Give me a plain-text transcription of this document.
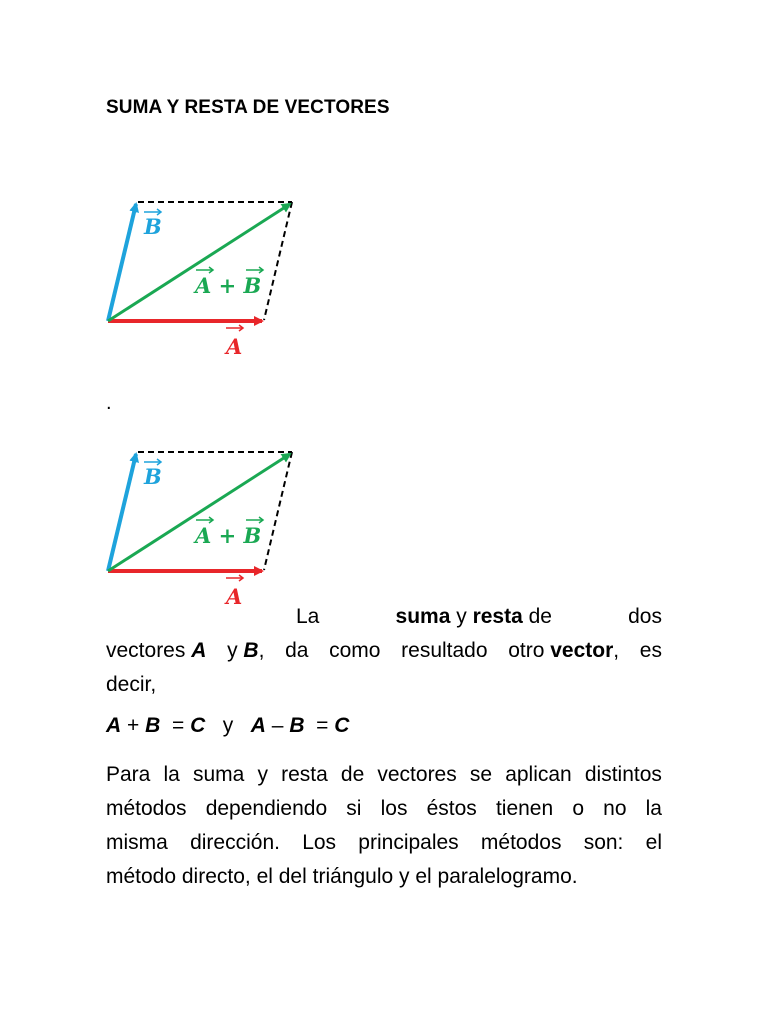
SUMA Y RESTA DE VECTORES
B
A + B
A
.
B
A + B
A
La	suma y resta de	dos
vectores A y B, da como resultado otro vector, es
decir,
A + B = C y A – B = C
Para la suma y resta de vectores se aplican distintos
métodos dependiendo si los éstos tienen o no la
misma dirección. Los principales métodos son: el
método directo, el del triángulo y el paralelogramo.
